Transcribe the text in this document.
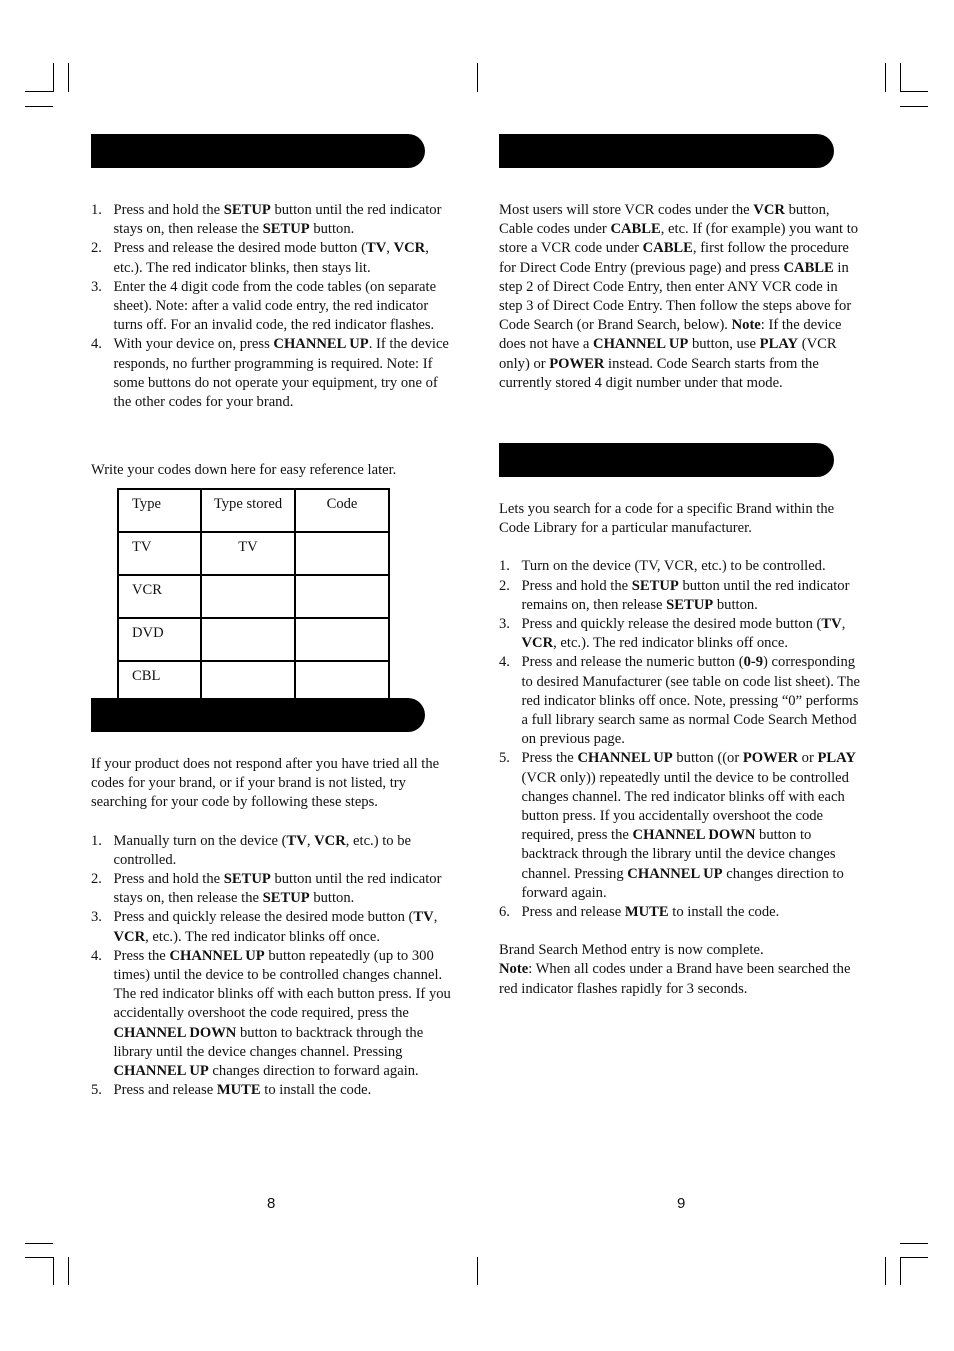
1. Press and hold the SETUP button until the red indicator stays on, then release the SETUP button.
2. Press and release the desired mode button (TV, VCR, etc.). The red indicator blinks, then stays lit.
3. Enter the 4 digit code from the code tables (on separate sheet). Note: after a valid code entry, the red indicator turns off. For an invalid code, the red indicator flashes.
4. With your device on, press CHANNEL UP. If the device responds, no further programming is required. Note: If some buttons do not operate your equipment, try one of the other codes for your brand.

Write your codes down here for easy reference later.

Type	Type stored	Code
TV	TV	
VCR		
DVD		
CBL		

If your product does not respond after you have tried all the codes for your brand, or if your brand is not listed, try searching for your code by following these steps.

1. Manually turn on the device (TV, VCR, etc.) to be controlled.
2. Press and hold the SETUP button until the red indicator stays on, then release the SETUP button.
3. Press and quickly release the desired mode button (TV, VCR, etc.). The red indicator blinks off once.
4. Press the CHANNEL UP button repeatedly (up to 300 times) until the device to be controlled changes channel. The red indicator blinks off with each button press. If you accidentally overshoot the code required, press the CHANNEL DOWN button to backtrack through the library until the device changes channel. Pressing CHANNEL UP changes direction to forward again.
5. Press and release MUTE to install the code.
8

Most users will store VCR codes under the VCR button, Cable codes under CABLE, etc. If (for example) you want to store a VCR code under CABLE, first follow the procedure for Direct Code Entry (previous page) and press CABLE in step 2 of Direct Code Entry, then enter ANY VCR code in step 3 of Direct Code Entry. Then follow the steps above for Code Search (or Brand Search, below). Note: If the device does not have a CHANNEL UP button, use PLAY (VCR only) or POWER instead. Code Search starts from the currently stored 4 digit number under that mode.

Lets you search for a code for a specific Brand within the Code Library for a particular manufacturer.

1. Turn on the device (TV, VCR, etc.) to be controlled.
2. Press and hold the SETUP button until the red indicator remains on, then release SETUP button.
3. Press and quickly release the desired mode button (TV, VCR, etc.). The red indicator blinks off once.
4. Press and release the numeric button (0-9) corresponding to desired Manufacturer (see table on code list sheet). The red indicator blinks off once. Note, pressing “0” performs a full library search same as normal Code Search Method on previous page.
5. Press the CHANNEL UP button ((or POWER or PLAY (VCR only)) repeatedly until the device to be controlled changes channel. The red indicator blinks off with each button press. If you accidentally overshoot the code required, press the CHANNEL DOWN button to backtrack through the library until the device changes channel. Pressing CHANNEL UP changes direction to forward again.
6. Press and release MUTE to install the code.

Brand Search Method entry is now complete.

Note: When all codes under a Brand have been searched the red indicator flashes rapidly for 3 seconds.

9
